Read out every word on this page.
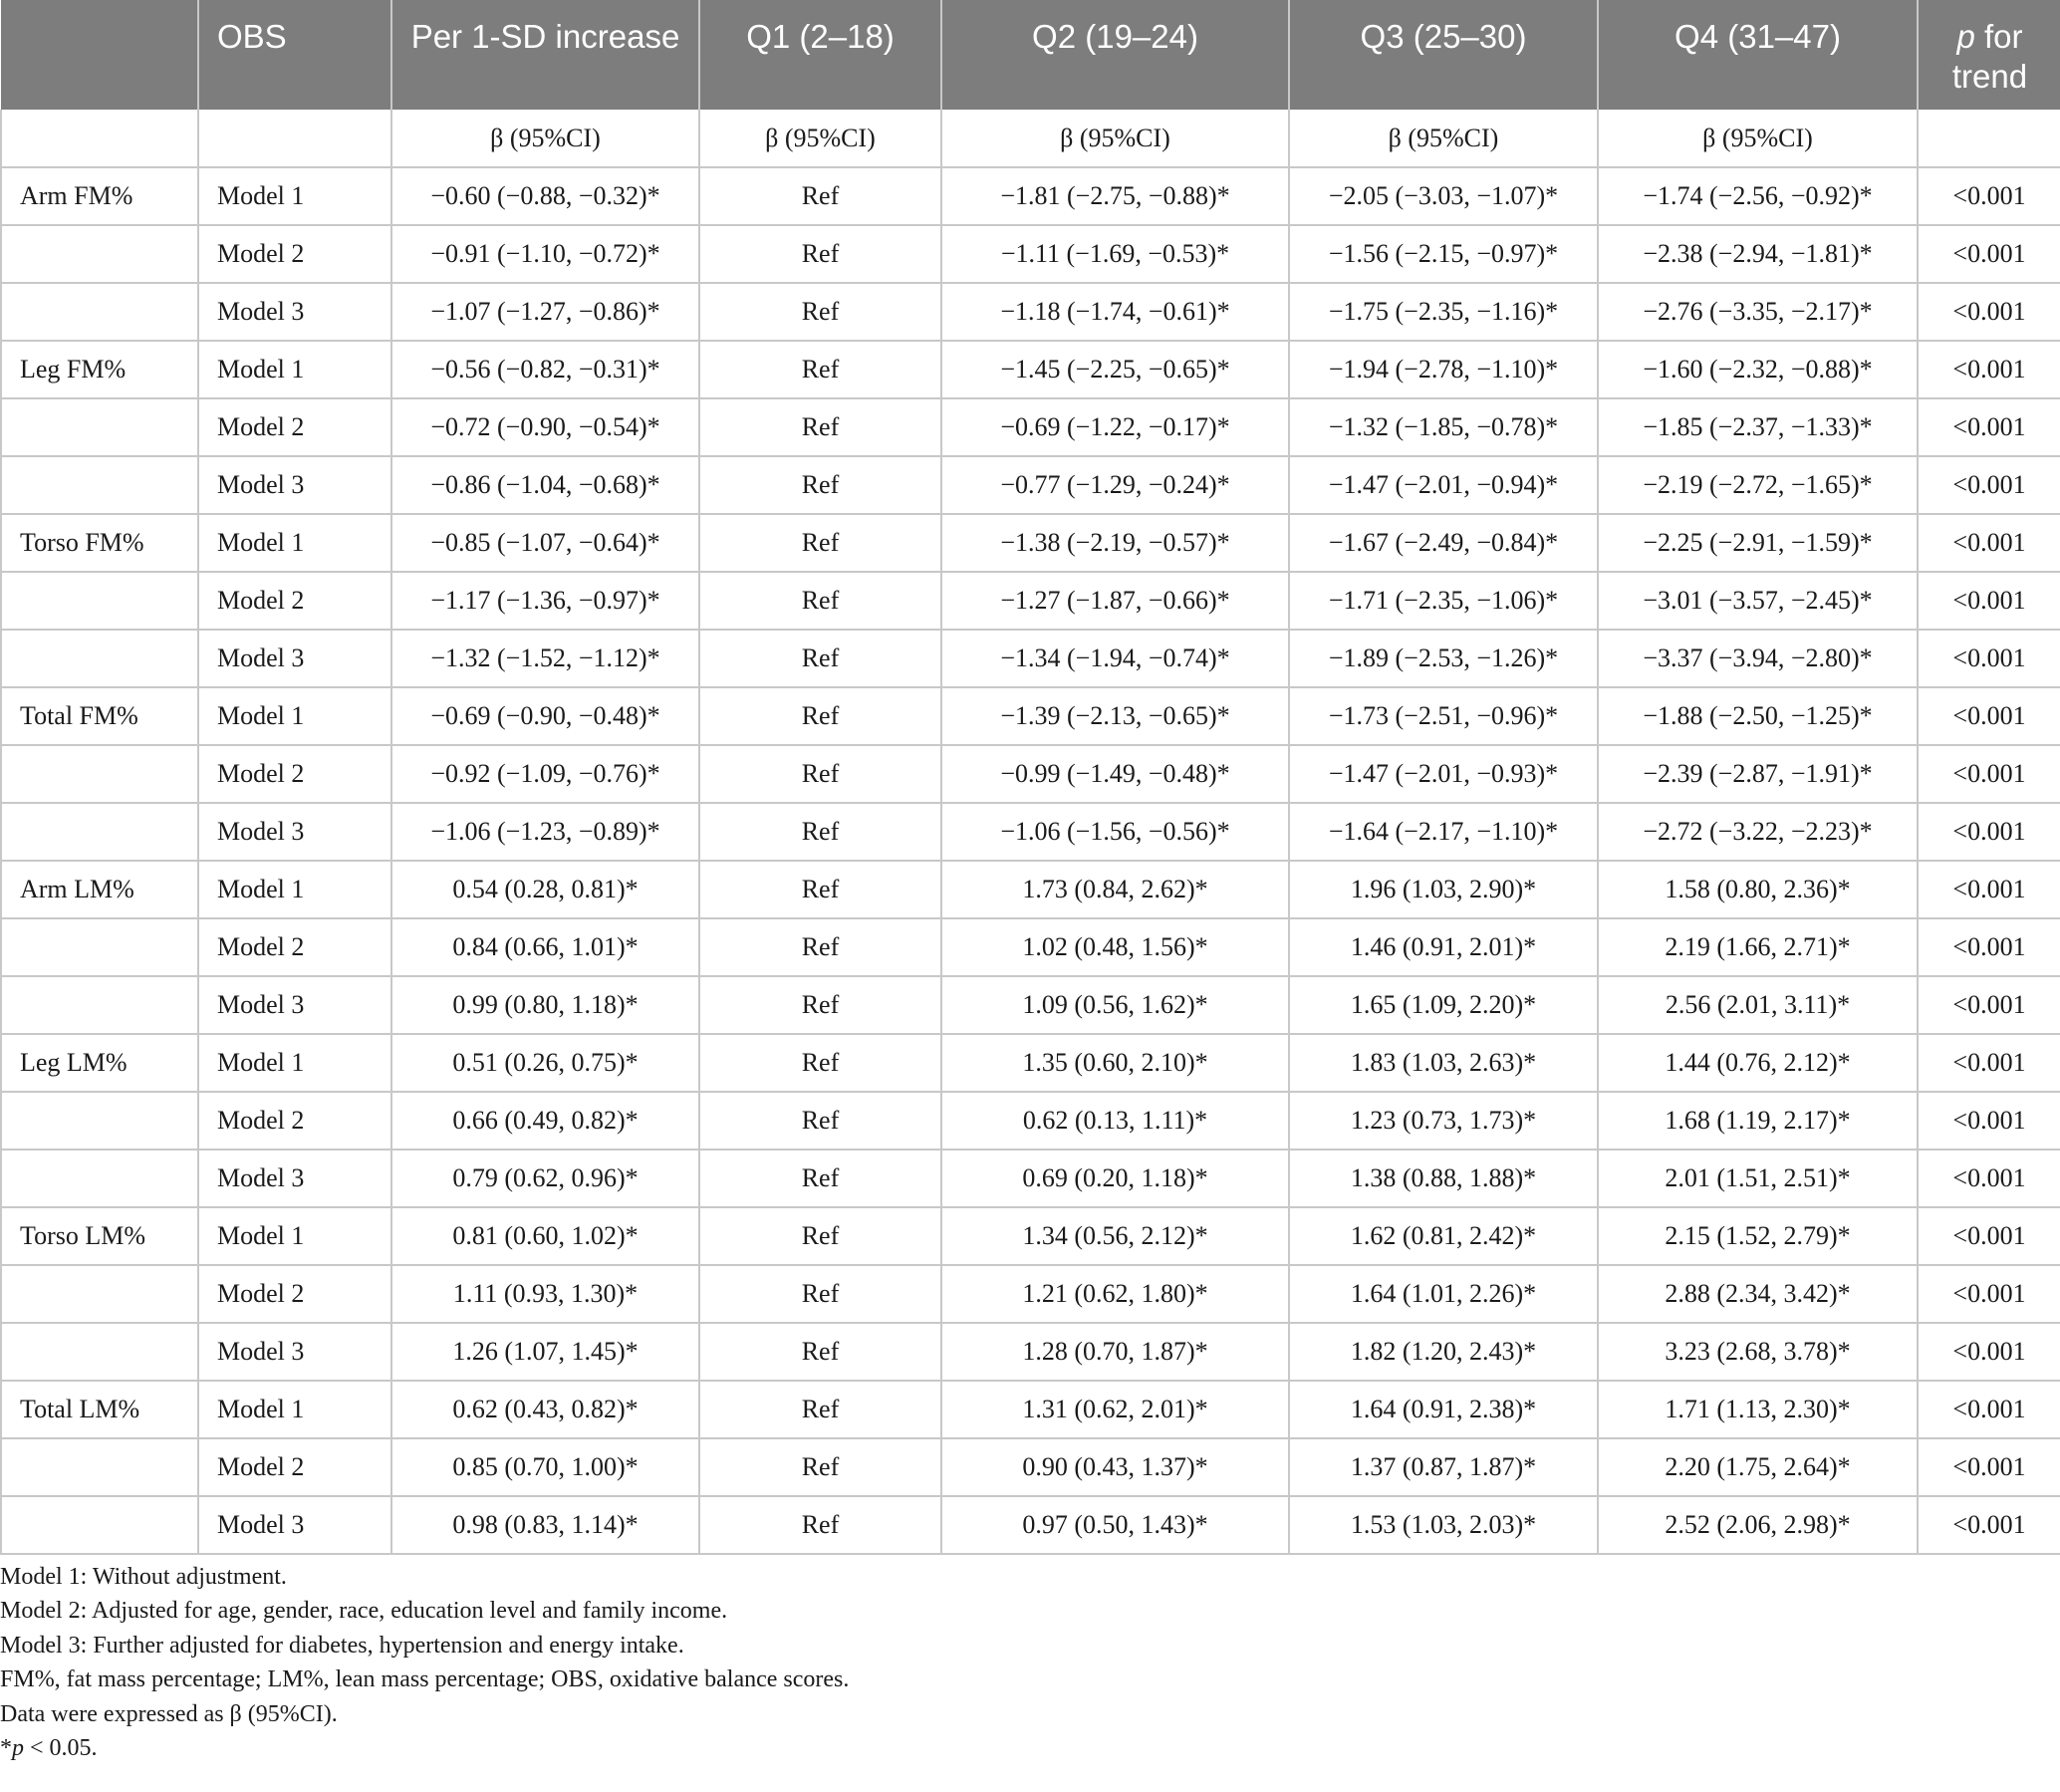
	OBS	Per 1-SD increase	Q1 (2–18)	Q2 (19–24)	Q3 (25–30)	Q4 (31–47)	p for trend
		β (95%CI)	β (95%CI)	β (95%CI)	β (95%CI)	β (95%CI)	
Arm FM%	Model 1	−0.60 (−0.88, −0.32)*	Ref	−1.81 (−2.75, −0.88)*	−2.05 (−3.03, −1.07)*	−1.74 (−2.56, −0.92)*	<0.001
	Model 2	−0.91 (−1.10, −0.72)*	Ref	−1.11 (−1.69, −0.53)*	−1.56 (−2.15, −0.97)*	−2.38 (−2.94, −1.81)*	<0.001
	Model 3	−1.07 (−1.27, −0.86)*	Ref	−1.18 (−1.74, −0.61)*	−1.75 (−2.35, −1.16)*	−2.76 (−3.35, −2.17)*	<0.001
Leg FM%	Model 1	−0.56 (−0.82, −0.31)*	Ref	−1.45 (−2.25, −0.65)*	−1.94 (−2.78, −1.10)*	−1.60 (−2.32, −0.88)*	<0.001
	Model 2	−0.72 (−0.90, −0.54)*	Ref	−0.69 (−1.22, −0.17)*	−1.32 (−1.85, −0.78)*	−1.85 (−2.37, −1.33)*	<0.001
	Model 3	−0.86 (−1.04, −0.68)*	Ref	−0.77 (−1.29, −0.24)*	−1.47 (−2.01, −0.94)*	−2.19 (−2.72, −1.65)*	<0.001
Torso FM%	Model 1	−0.85 (−1.07, −0.64)*	Ref	−1.38 (−2.19, −0.57)*	−1.67 (−2.49, −0.84)*	−2.25 (−2.91, −1.59)*	<0.001
	Model 2	−1.17 (−1.36, −0.97)*	Ref	−1.27 (−1.87, −0.66)*	−1.71 (−2.35, −1.06)*	−3.01 (−3.57, −2.45)*	<0.001
	Model 3	−1.32 (−1.52, −1.12)*	Ref	−1.34 (−1.94, −0.74)*	−1.89 (−2.53, −1.26)*	−3.37 (−3.94, −2.80)*	<0.001
Total FM%	Model 1	−0.69 (−0.90, −0.48)*	Ref	−1.39 (−2.13, −0.65)*	−1.73 (−2.51, −0.96)*	−1.88 (−2.50, −1.25)*	<0.001
	Model 2	−0.92 (−1.09, −0.76)*	Ref	−0.99 (−1.49, −0.48)*	−1.47 (−2.01, −0.93)*	−2.39 (−2.87, −1.91)*	<0.001
	Model 3	−1.06 (−1.23, −0.89)*	Ref	−1.06 (−1.56, −0.56)*	−1.64 (−2.17, −1.10)*	−2.72 (−3.22, −2.23)*	<0.001
Arm LM%	Model 1	0.54 (0.28, 0.81)*	Ref	1.73 (0.84, 2.62)*	1.96 (1.03, 2.90)*	1.58 (0.80, 2.36)*	<0.001
	Model 2	0.84 (0.66, 1.01)*	Ref	1.02 (0.48, 1.56)*	1.46 (0.91, 2.01)*	2.19 (1.66, 2.71)*	<0.001
	Model 3	0.99 (0.80, 1.18)*	Ref	1.09 (0.56, 1.62)*	1.65 (1.09, 2.20)*	2.56 (2.01, 3.11)*	<0.001
Leg LM%	Model 1	0.51 (0.26, 0.75)*	Ref	1.35 (0.60, 2.10)*	1.83 (1.03, 2.63)*	1.44 (0.76, 2.12)*	<0.001
	Model 2	0.66 (0.49, 0.82)*	Ref	0.62 (0.13, 1.11)*	1.23 (0.73, 1.73)*	1.68 (1.19, 2.17)*	<0.001
	Model 3	0.79 (0.62, 0.96)*	Ref	0.69 (0.20, 1.18)*	1.38 (0.88, 1.88)*	2.01 (1.51, 2.51)*	<0.001
Torso LM%	Model 1	0.81 (0.60, 1.02)*	Ref	1.34 (0.56, 2.12)*	1.62 (0.81, 2.42)*	2.15 (1.52, 2.79)*	<0.001
	Model 2	1.11 (0.93, 1.30)*	Ref	1.21 (0.62, 1.80)*	1.64 (1.01, 2.26)*	2.88 (2.34, 3.42)*	<0.001
	Model 3	1.26 (1.07, 1.45)*	Ref	1.28 (0.70, 1.87)*	1.82 (1.20, 2.43)*	3.23 (2.68, 3.78)*	<0.001
Total LM%	Model 1	0.62 (0.43, 0.82)*	Ref	1.31 (0.62, 2.01)*	1.64 (0.91, 2.38)*	1.71 (1.13, 2.30)*	<0.001
	Model 2	0.85 (0.70, 1.00)*	Ref	0.90 (0.43, 1.37)*	1.37 (0.87, 1.87)*	2.20 (1.75, 2.64)*	<0.001
	Model 3	0.98 (0.83, 1.14)*	Ref	0.97 (0.50, 1.43)*	1.53 (1.03, 2.03)*	2.52 (2.06, 2.98)*	<0.001
Model 1: Without adjustment.
Model 2: Adjusted for age, gender, race, education level and family income.
Model 3: Further adjusted for diabetes, hypertension and energy intake.
FM%, fat mass percentage; LM%, lean mass percentage; OBS, oxidative balance scores.
Data were expressed as β (95%CI).
*p < 0.05.
